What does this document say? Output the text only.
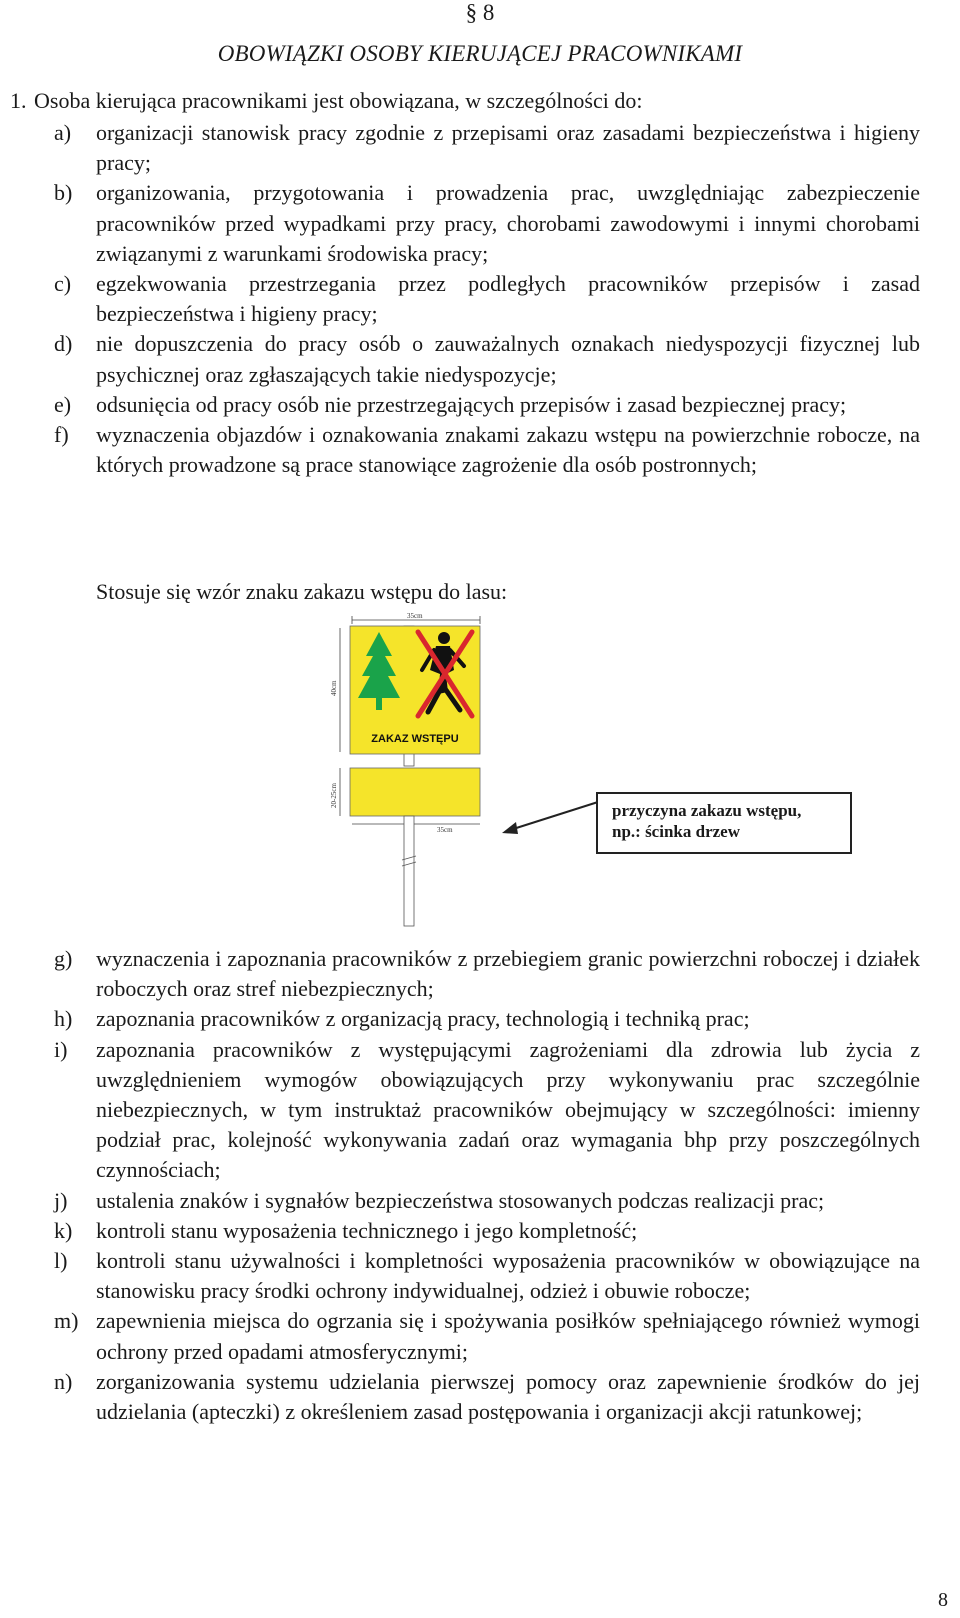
§ 8
OBOWIĄZKI OSOBY KIERUJĄCEJ PRACOWNIKAMI
1. Osoba kierująca pracownikami jest obowiązana, w szczególności do:
a)	organizacji stanowisk pracy zgodnie z przepisami oraz zasadami bezpieczeństwa i higieny pracy;
b)	organizowania, przygotowania i prowadzenia prac, uwzględniając zabezpieczenie pracowników przed wypadkami przy pracy, chorobami zawodowymi i innymi chorobami związanymi z warunkami środowiska pracy;
c)	egzekwowania przestrzegania przez podległych pracowników przepisów i zasad bezpieczeństwa i higieny pracy;
d)	nie dopuszczenia do pracy osób o zauważalnych oznakach niedyspozycji fizycznej lub psychicznej oraz zgłaszających takie niedyspozycje;
e)	odsunięcia od pracy osób nie przestrzegających przepisów i zasad bezpiecznej pracy;
f)	wyznaczenia objazdów i oznakowania znakami zakazu wstępu na powierzchnie robocze, na których prowadzone są prace stanowiące zagrożenie dla osób postronnych;
Stosuje się wzór znaku zakazu wstępu do lasu:
35cm
40cm
ZAKAZ WSTĘPU
20-25cm
35cm
przyczyna zakazu wstępu,
np.: ścinka drzew
g)	wyznaczenia i zapoznania pracowników z przebiegiem granic powierzchni roboczej i działek roboczych oraz stref niebezpiecznych;
h)	zapoznania pracowników z organizacją pracy, technologią i techniką prac;
i)	zapoznania pracowników z występującymi zagrożeniami dla zdrowia lub życia z uwzględnieniem wymogów obowiązujących przy wykonywaniu prac szczególnie niebezpiecznych, w tym instruktaż pracowników obejmujący w szczególności: imienny podział prac, kolejność wykonywania zadań oraz wymagania bhp przy poszczególnych czynnościach;
j)	ustalenia znaków i sygnałów bezpieczeństwa stosowanych podczas realizacji prac;
k)	kontroli stanu wyposażenia technicznego i jego kompletność;
l)	kontroli stanu używalności i kompletności wyposażenia pracowników w obowiązujące na stanowisku pracy środki ochrony indywidualnej, odzież i obuwie robocze;
m) zapewnienia miejsca do ogrzania się i spożywania posiłków spełniającego również wymogi ochrony przed opadami atmosferycznymi;
n)	zorganizowania systemu udzielania pierwszej pomocy oraz zapewnienie środków do jej udzielania (apteczki) z określeniem zasad postępowania i organizacji akcji ratunkowej;
8
